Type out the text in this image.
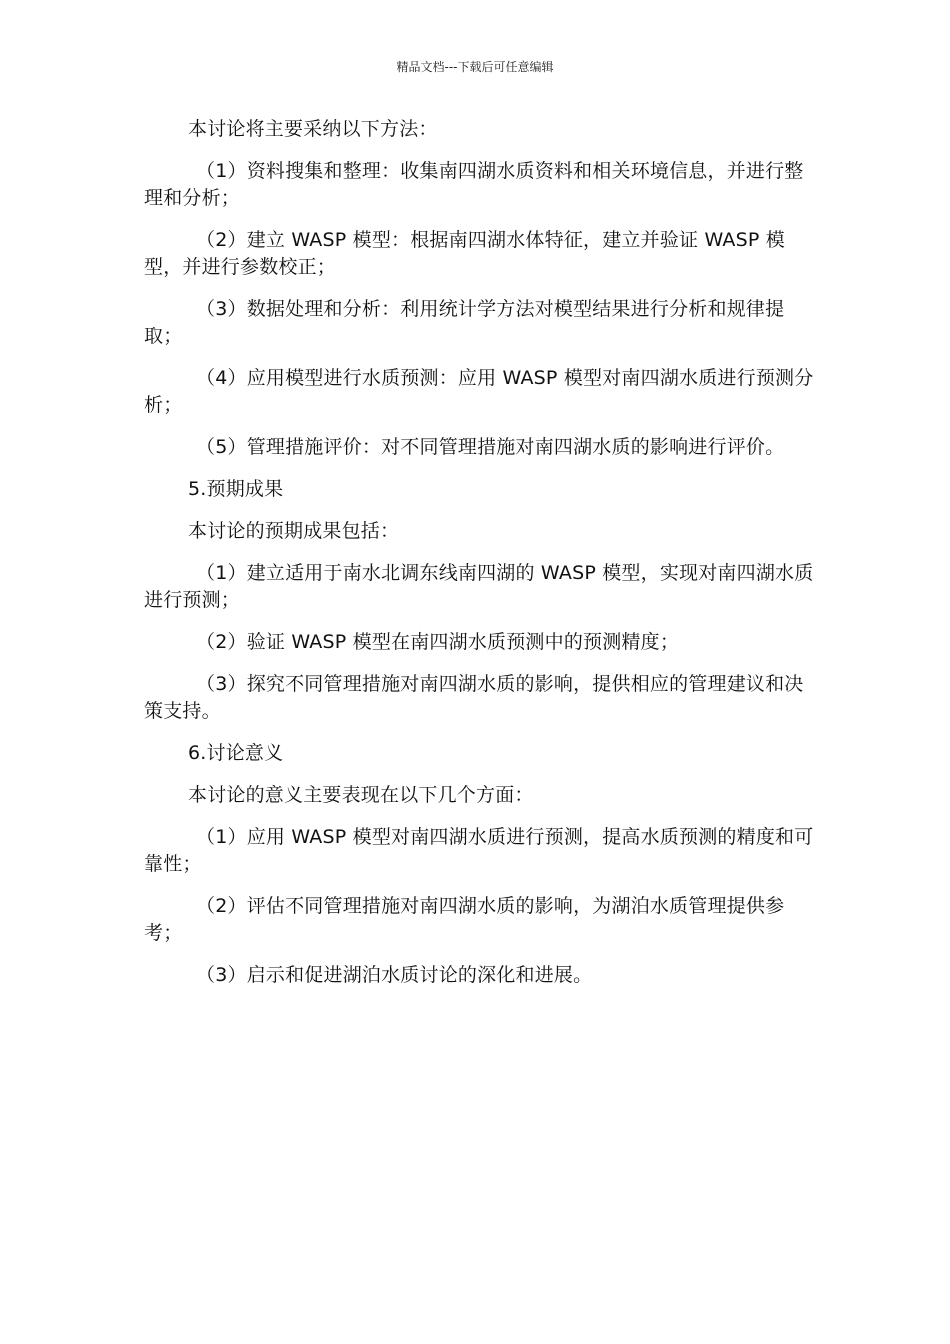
精品文档---下载后可任意编辑

本讨论将主要采纳以下方法：

（1）资料搜集和整理：收集南四湖水质资料和相关环境信息，并进行整理和分析；

（2）建立 WASP 模型：根据南四湖水体特征，建立并验证 WASP 模型，并进行参数校正；

（3）数据处理和分析：利用统计学方法对模型结果进行分析和规律提取；

（4）应用模型进行水质预测：应用 WASP 模型对南四湖水质进行预测分析；

（5）管理措施评价：对不同管理措施对南四湖水质的影响进行评价。

5.预期成果

本讨论的预期成果包括：

（1）建立适用于南水北调东线南四湖的 WASP 模型，实现对南四湖水质进行预测；

（2）验证 WASP 模型在南四湖水质预测中的预测精度；

（3）探究不同管理措施对南四湖水质的影响，提供相应的管理建议和决策支持。

6.讨论意义

本讨论的意义主要表现在以下几个方面：

（1）应用 WASP 模型对南四湖水质进行预测，提高水质预测的精度和可靠性；

（2）评估不同管理措施对南四湖水质的影响，为湖泊水质管理提供参考；

（3）启示和促进湖泊水质讨论的深化和进展。
